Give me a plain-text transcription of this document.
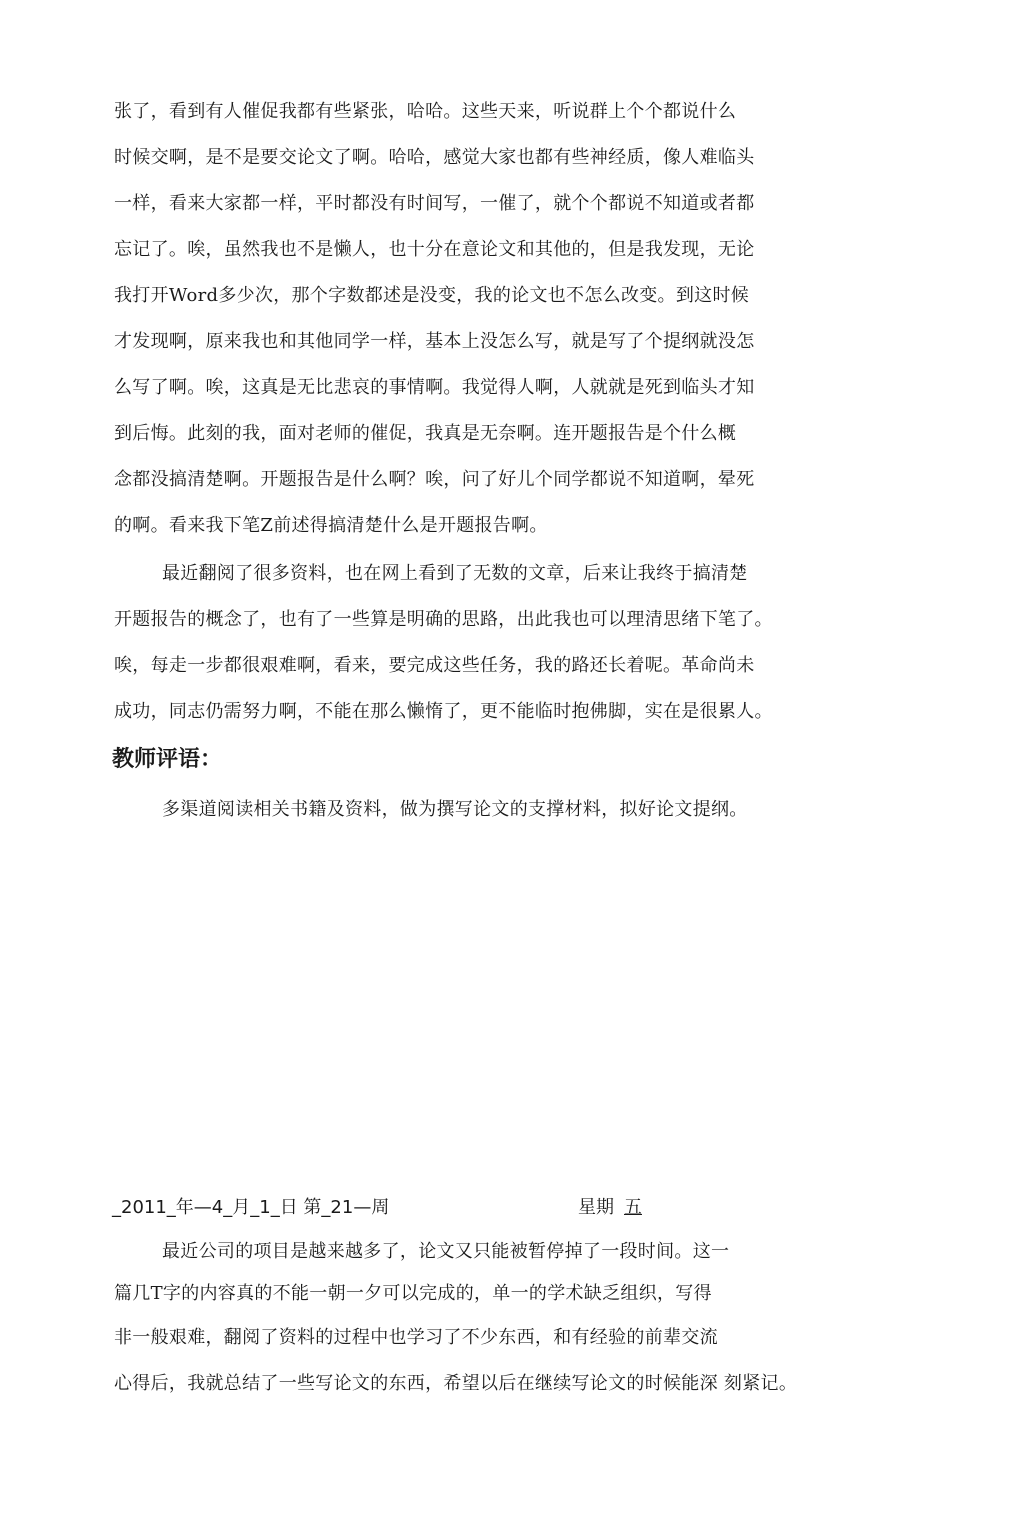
张了，看到有人催促我都有些紧张，哈哈。这些天来，听说群上个个都说什么
时候交啊，是不是要交论文了啊。哈哈，感觉大家也都有些神经质，像人难临头
一样，看来大家都一样，平时都没有时间写，一催了，就个个都说不知道或者都
忘记了。唉，虽然我也不是懒人，也十分在意论文和其他的，但是我发现，无论
我打开Word多少次，那个字数都述是没变，我的论文也不怎么改变。到这时候
才发现啊，原来我也和其他同学一样，基本上没怎么写，就是写了个提纲就没怎
么写了啊。唉，这真是无比悲哀的事情啊。我觉得人啊，人就就是死到临头才知
到后悔。此刻的我，面对老师的催促，我真是无奈啊。连开题报告是个什么概
念都没搞清楚啊。开题报告是什么啊？唉，问了好儿个同学都说不知道啊，晕死
的啊。看来我下笔Z前述得搞清楚什么是开题报告啊。
最近翻阅了很多资料，也在网上看到了无数的文章，后来让我终于搞清楚
开题报告的概念了，也有了一些算是明确的思路，出此我也可以理清思绪下笔了。
唉，每走一步都很艰难啊，看来，要完成这些任务，我的路还长着呢。革命尚未
成功，同志仍需努力啊，不能在那么懒惰了，更不能临时抱佛脚，实在是很累人。
教师评语：
多渠道阅读相关书籍及资料，做为撰写论文的支撑材料，拟好论文提纲。
_2011_年—4_月_1_日 第_21—周	星期 五
最近公司的项目是越来越多了，论文又只能被暂停掉了一段时间。这一
篇几T字的内容真的不能一朝一夕可以完成的，单一的学术缺乏组织，写得
非一般艰难，翻阅了资料的过程中也学习了不少东西，和有经验的前辈交流
心得后，我就总结了一些写论文的东西，希望以后在继续写论文的时候能深 刻紧记。
